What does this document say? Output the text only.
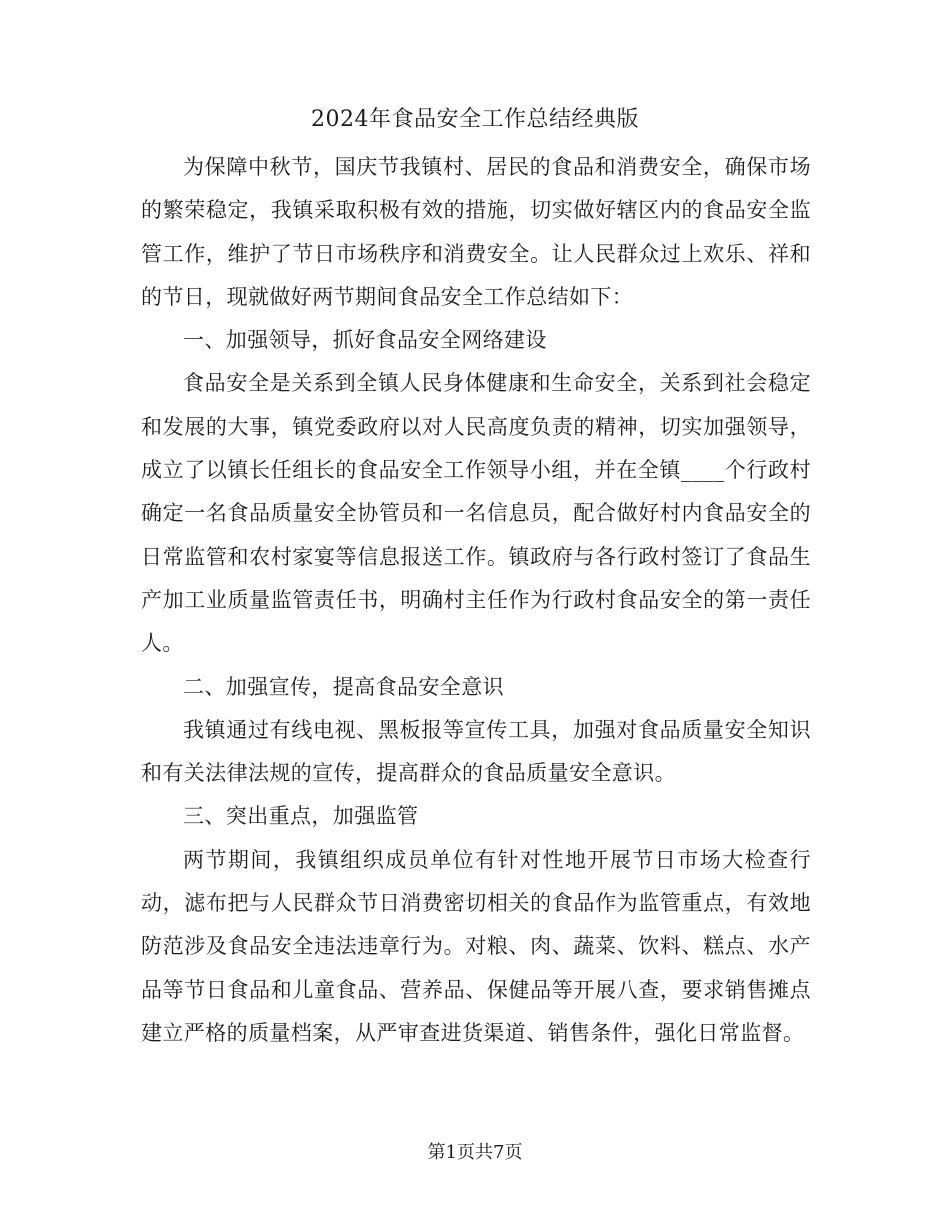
2024年食品安全工作总结经典版

为保障中秋节，国庆节我镇村、居民的食品和消费安全，确保市场的繁荣稳定，我镇采取积极有效的措施，切实做好辖区内的食品安全监管工作，维护了节日市场秩序和消费安全。让人民群众过上欢乐、祥和的节日，现就做好两节期间食品安全工作总结如下：

一、加强领导，抓好食品安全网络建设

食品安全是关系到全镇人民身体健康和生命安全，关系到社会稳定和发展的大事，镇党委政府以对人民高度负责的精神，切实加强领导，成立了以镇长任组长的食品安全工作领导小组，并在全镇____个行政村确定一名食品质量安全协管员和一名信息员，配合做好村内食品安全的日常监管和农村家宴等信息报送工作。镇政府与各行政村签订了食品生产加工业质量监管责任书，明确村主任作为行政村食品安全的第一责任人。

二、加强宣传，提高食品安全意识

我镇通过有线电视、黑板报等宣传工具，加强对食品质量安全知识和有关法律法规的宣传，提高群众的食品质量安全意识。

三、突出重点，加强监管

两节期间，我镇组织成员单位有针对性地开展节日市场大检查行动，滤布把与人民群众节日消费密切相关的食品作为监管重点，有效地防范涉及食品安全违法违章行为。对粮、肉、蔬菜、饮料、糕点、水产品等节日食品和儿童食品、营养品、保健品等开展八查，要求销售摊点建立严格的质量档案，从严审查进货渠道、销售条件，强化日常监督。

第1页共7页
